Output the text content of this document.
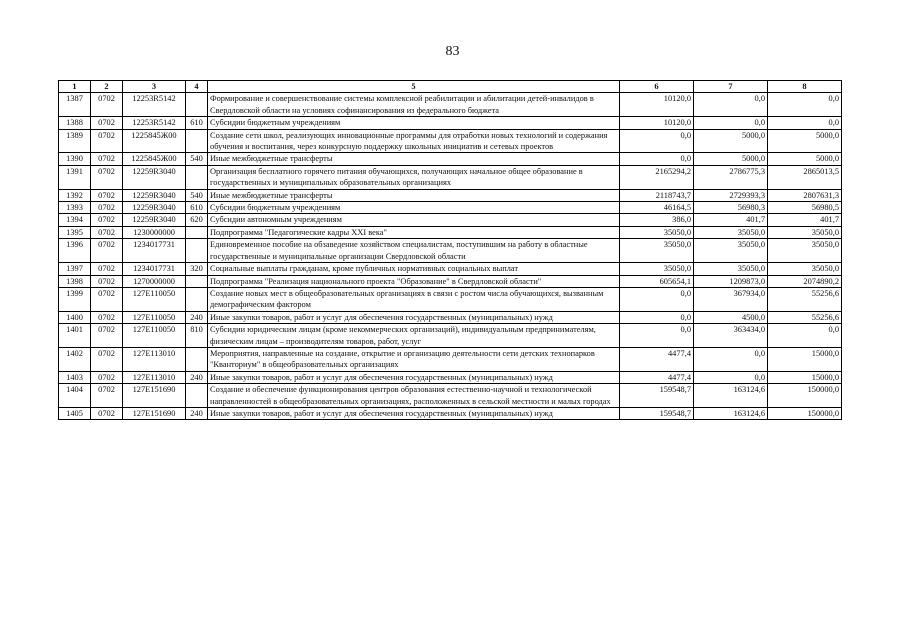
83
1	2	3	4	5	6	7	8
1387	0702	12253R5142		Формирование и совершенствование системы комплексной реабилитации и абилитации детей-инвалидов в Свердловской области на условиях софинансирования из федерального бюджета	10120,0	0,0	0,0
1388	0702	12253R5142	610	Субсидии бюджетным учреждениям	10120,0	0,0	0,0
1389	0702	1225845Ж00		Создание сети школ, реализующих инновационные программы для отработки новых технологий и содержания обучения и воспитания, через конкурсную поддержку школьных инициатив и сетевых проектов	0,0	5000,0	5000,0
1390	0702	1225845Ж00	540	Иные межбюджетные трансферты	0,0	5000,0	5000,0
1391	0702	12259R3040		Организация бесплатного горячего питания обучающихся, получающих начальное общее образование в государственных и муниципальных образовательных организациях	2165294,2	2786775,3	2865013,5
1392	0702	12259R3040	540	Иные межбюджетные трансферты	2118743,7	2729393,3	2807631,3
1393	0702	12259R3040	610	Субсидии бюджетным учреждениям	46164,5	56980,3	56980,5
1394	0702	12259R3040	620	Субсидии автономным учреждениям	386,0	401,7	401,7
1395	0702	1230000000		Подпрограмма "Педагогические кадры XXI века"	35050,0	35050,0	35050,0
1396	0702	1234017731		Единовременное пособие на обзаведение хозяйством специалистам, поступившим на работу в областные государственные и муниципальные организации Свердловской области	35050,0	35050,0	35050,0
1397	0702	1234017731	320	Социальные выплаты гражданам, кроме публичных нормативных социальных выплат	35050,0	35050,0	35050,0
1398	0702	1270000000		Подпрограмма "Реализация национального проекта "Образование" в Свердловской области"	605654,1	1209873,0	2074890,2
1399	0702	127E110050		Создание новых мест в общеобразовательных организациях в связи с ростом числа обучающихся, вызванным демографическим фактором	0,0	367934,0	55256,6
1400	0702	127E110050	240	Иные закупки товаров, работ и услуг для обеспечения государственных (муниципальных) нужд	0,0	4500,0	55256,6
1401	0702	127E110050	810	Субсидии юридическим лицам (кроме некоммерческих организаций), индивидуальным предпринимателям, физическим лицам – производителям товаров, работ, услуг	0,0	363434,0	0,0
1402	0702	127E113010		Мероприятия, направленные на создание, открытие и организацию деятельности сети детских технопарков "Кванториум" в общеобразовательных организациях	4477,4	0,0	15000,0
1403	0702	127E113010	240	Иные закупки товаров, работ и услуг для обеспечения государственных (муниципальных) нужд	4477,4	0,0	15000,0
1404	0702	127E151690		Создание и обеспечение функционирования центров образования естественно-научной и технологической направленностей в общеобразовательных организациях, расположенных в сельской местности и малых городах	159548,7	163124,6	150000,0
1405	0702	127E151690	240	Иные закупки товаров, работ и услуг для обеспечения государственных (муниципальных) нужд	159548,7	163124,6	150000,0
